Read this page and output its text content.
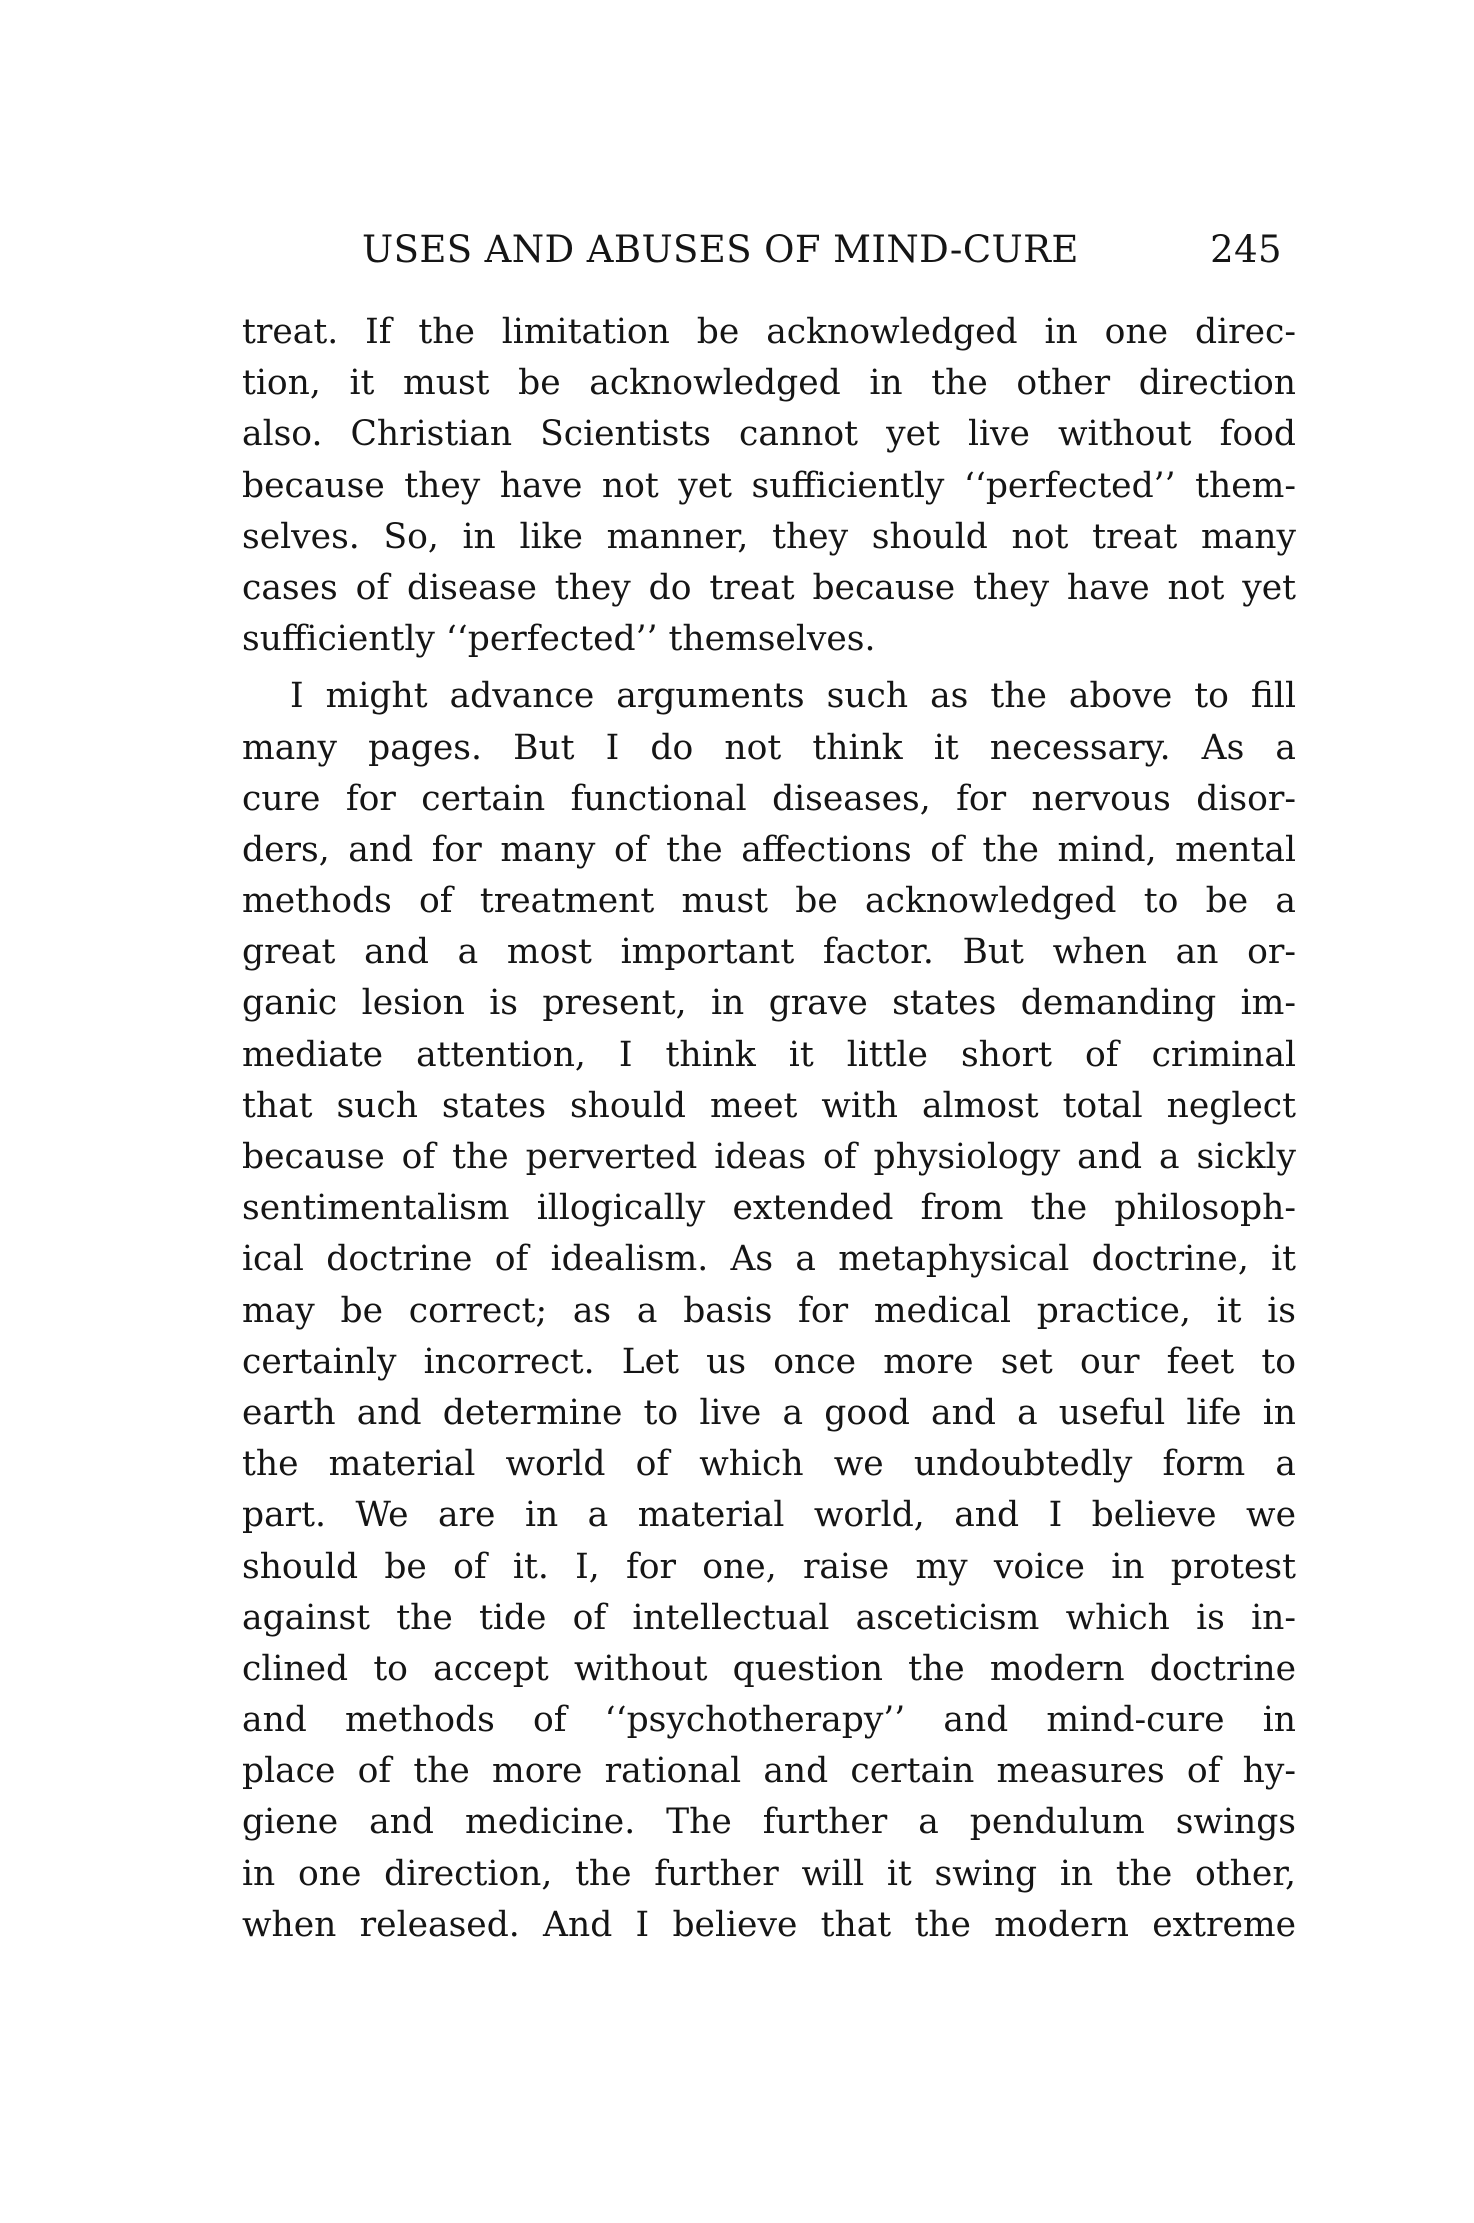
USES AND ABUSES OF MIND-CURE	245
treat. If the limitation be acknowledged in one direc-
tion, it must be acknowledged in the other direction
also. Christian Scientists cannot yet live without food
because they have not yet sufficiently ‘‘perfected’’ them-
selves. So, in like manner, they should not treat many
cases of disease they do treat because they have not yet
sufficiently ‘‘perfected’’ themselves.
I might advance arguments such as the above to fill
many pages. But I do not think it necessary. As a
cure for certain functional diseases, for nervous disor-
ders, and for many of the affections of the mind, mental
methods of treatment must be acknowledged to be a
great and a most important factor. But when an or-
ganic lesion is present, in grave states demanding im-
mediate attention, I think it little short of criminal
that such states should meet with almost total neglect
because of the perverted ideas of physiology and a sickly
sentimentalism illogically extended from the philosoph-
ical doctrine of idealism. As a metaphysical doctrine, it
may be correct; as a basis for medical practice, it is
certainly incorrect. Let us once more set our feet to
earth and determine to live a good and a useful life in
the material world of which we undoubtedly form a
part. We are in a material world, and I believe we
should be of it. I, for one, raise my voice in protest
against the tide of intellectual asceticism which is in-
clined to accept without question the modern doctrine
and methods of ‘‘psychotherapy’’ and mind-cure in
place of the more rational and certain measures of hy-
giene and medicine. The further a pendulum swings
in one direction, the further will it swing in the other,
when released. And I believe that the modern extreme
